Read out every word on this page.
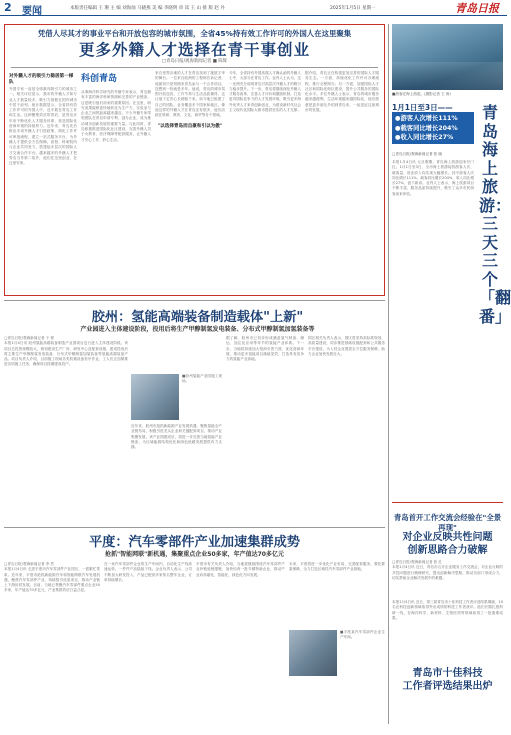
2 要闻	本版责任编辑 王 珊 主 编 刘海灿 马晓燕 美 编 李晓明 审 读 王 山 排 版 赵 丹	2025年1月5日 星期一	青岛日报
凭借人尽其才的事业平台和开放包容的城市氛围，全省45%持有效工作许可的外国人在这里聚集
更多外籍人才选择在青干事创业
□青岛日报/观海新闻记者 ■ 陈辉
对外籍人才的吸引力稳居第一梯队
外国专家一直是全球最具吸引力的城市之一。相关评估显示，我市的外籍人才和专业人才数量较多，吸引力指数在国内城市中居于前列。统计数据显示，全省持有效工作许可的外国人中，近半数在青岛工作和生活。这种聚集效应的背后，是青岛多年来不断优化人才服务体系、营造国际化营商环境的持续努力。近年来，青岛先后推出多项外籍人才引进政策，简化工作许可审批流程，建立一站式服务平台，为外籍人才提供全方位保障。高校、科研院所与企业共同发力，搭建起多层次的国际人才交流合作平台。越来越多的外籍人才把青岛当作第二故乡，他们在这里创业、在这里安家。
科创青岛
从事海洋科学研究的外籍专家表示，青岛拥有丰富的海洋科研资源和完善的产业链条，这是吸引他们前来的重要原因。在这里，研究成果能够更快地转化为生产力，实验室与企业之间的距离越来越近。不少外籍专家带领团队在青岛申请专利、创办企业，成为推动城市创新发展的重要力量。与此同时，青岛积极推进国际化社区建设，完善外籍人员子女教育、医疗保障等配套服务，让外籍人才安心工作、舒心生活。
来自世界各地的人才在青岛找到了施展才华的舞台。一位来自欧洲的工程师告诉记者，他最初只是短期来青岛参与一个合作项目，没想到一待就是多年。他说，青岛的城市氛围开放包容，工作节奏与生活品质兼得，这让他下定决心长期留下来。如今他已组建了自己的团队，业务覆盖多个国家和地区。像他这样的外籍人才在青岛还有很多，他们活跃在科研、教育、文化、商贸等各个领域。
"以选择青岛而自豪和引以为傲"
今年，全省持有外国高端人才确认函的外籍人士中，大部分在青岛工作。业内人士认为，这一比例充分说明青岛对高层次外籍人才的吸引力稳步提升。下一步，青岛将继续深化外籍人才服务改革，完善人才评价和激励机制，打造更具国际竞争力的人才发展环境，吸引更多海外优秀人才来青创新创业，为建设新时代社会主义现代化国际大都市提供坚实的人才支撑。
据介绍，青岛正在构建更加完善的国际人才服务生态。一方面，持续优化工作许可办理流程，推行全程网办；另一方面，加强国际人才社区和国际化街区建设，提升公共服务的国际化水平。多位外籍人士表示，青岛的城市服务越来越便利，生活环境越来越国际化，他们愿意把更多朋友介绍到青岛来，一起见证这座城市的发展。
■游客在海上游览。(摄影记者 王 涛)
1月1日至3日——
●游客人次增长111%
●载客同比增长204%
●收入同比增长27%
青岛海上旅游：三天三个「翻番」
□青岛日报/观海新闻记者 张 晓
本报1月4日讯 元旦假期，青岛海上旅游迎来开门红。1月1日至3日，全市海上旅游接待游客人次、载客量、营业收入均实现大幅增长。其中游客人次同比增长111%，载客同比增长204%，收入同比增长27%，创下新高。业内人士表示，海上旅游项目不断丰富，服务品质持续提升，吸引了众多市民游客前来体验。
青岛首开工作交流会经验在"全景再现"
对企业反映共性问题
创新思路合力破解
□青岛日报/观海新闻记者 张 红
本报1月4日讯 近日，青岛市召开企业服务工作交流会，对企业反映的共性问题进行梳理研究，提出创新解决思路，推动各部门形成合力，切实帮助企业解决发展中的难题。
本报1月4日讯 近日，第三届青岛市十佳科技工作者评选结果揭晓，10名在科技创新领域取得突出成绩的科技工作者获评。他们长期扎根科研一线，在海洋科学、新材料、生物医药等领域取得了一批重要成果。
青岛市十佳科技
工作者评选结果出炉
胶州：氢能高端装备制造载体"上新"
产业园进入主体建设阶段，投用后将生产甲醇制氢发电装备、分布式甲醇制氢加氢装备等
□青岛日报/观海新闻记者 于 程
本报1月4日讯 胶州氢能高端装备制造产业园项目近日进入主体建设阶段。该项目总投资规模较大，规划建设生产厂房、研发中心及配套设施，建成投用后将主要生产甲醇制氢发电装备、分布式甲醇制氢加氢装备等氢能高端装备产品。项目负责人介绍，目前施工现场各类机械设备有序作业，工人们正加紧推进各项施工任务，确保项目按期建成投产。
■胶州氢能产业园施工现场。
近年来，胶州市抢抓新能源产业发展机遇，聚焦氢能全产业链布局，积极引进龙头企业和关键配套项目，推动产业集聚发展。该产业园建成后，将进一步完善当地氢能产业链条，为区域能源结构优化和绿色低碳发展提供有力支撑。
据了解，胶州市已初步形成涵盖氢气制备、储运、加注及应用等环节的氢能产业体系。下一步，当地将持续加大招商引资力度，优化营商环境，推动更多氢能项目落地见效，打造具有竞争力的氢能产业高地。
园区相关负责人表示，园区将坚持高标准规划、高质量建设，同步推进基础设施配套和公共服务平台建设，为入驻企业提供全方位服务保障，助力企业加快发展壮大。
平度：汽车零部件产业加速集群成势
抢抓"智能网联"新机遇，集聚重点企业50多家，年产值达70多亿元
□青岛日报/观海新闻记者 李 然
本报1月4日讯 走进平度市汽车零部件产业园区，一派繁忙景象。近年来，平度市抢抓新能源汽车和智能网联汽车发展机遇，聚焦汽车零部件产业，持续招引优质项目，推动产业链上下游协同发展。目前，当地已集聚汽车零部件重点企业50多家，年产值达70多亿元，产业集群效应日益凸显。
在一家汽车零部件企业的生产车间内，自动化生产线高速运转，一件件产品陆续下线。企业负责人表示，公司不断加大研发投入，产品已配套多家知名整车企业，订单持续增长。
平度市有关负责人介绍，当地将继续围绕汽车零部件产业补链延链强链，加快培育一批专精特新企业，推动产业向高端化、智能化、绿色化方向发展。
■平度某汽车零部件企业生产车间。
未来，平度将进一步优化产业布局，完善配套服务，强化要素保障，全力打造区域性汽车零部件产业基地。
